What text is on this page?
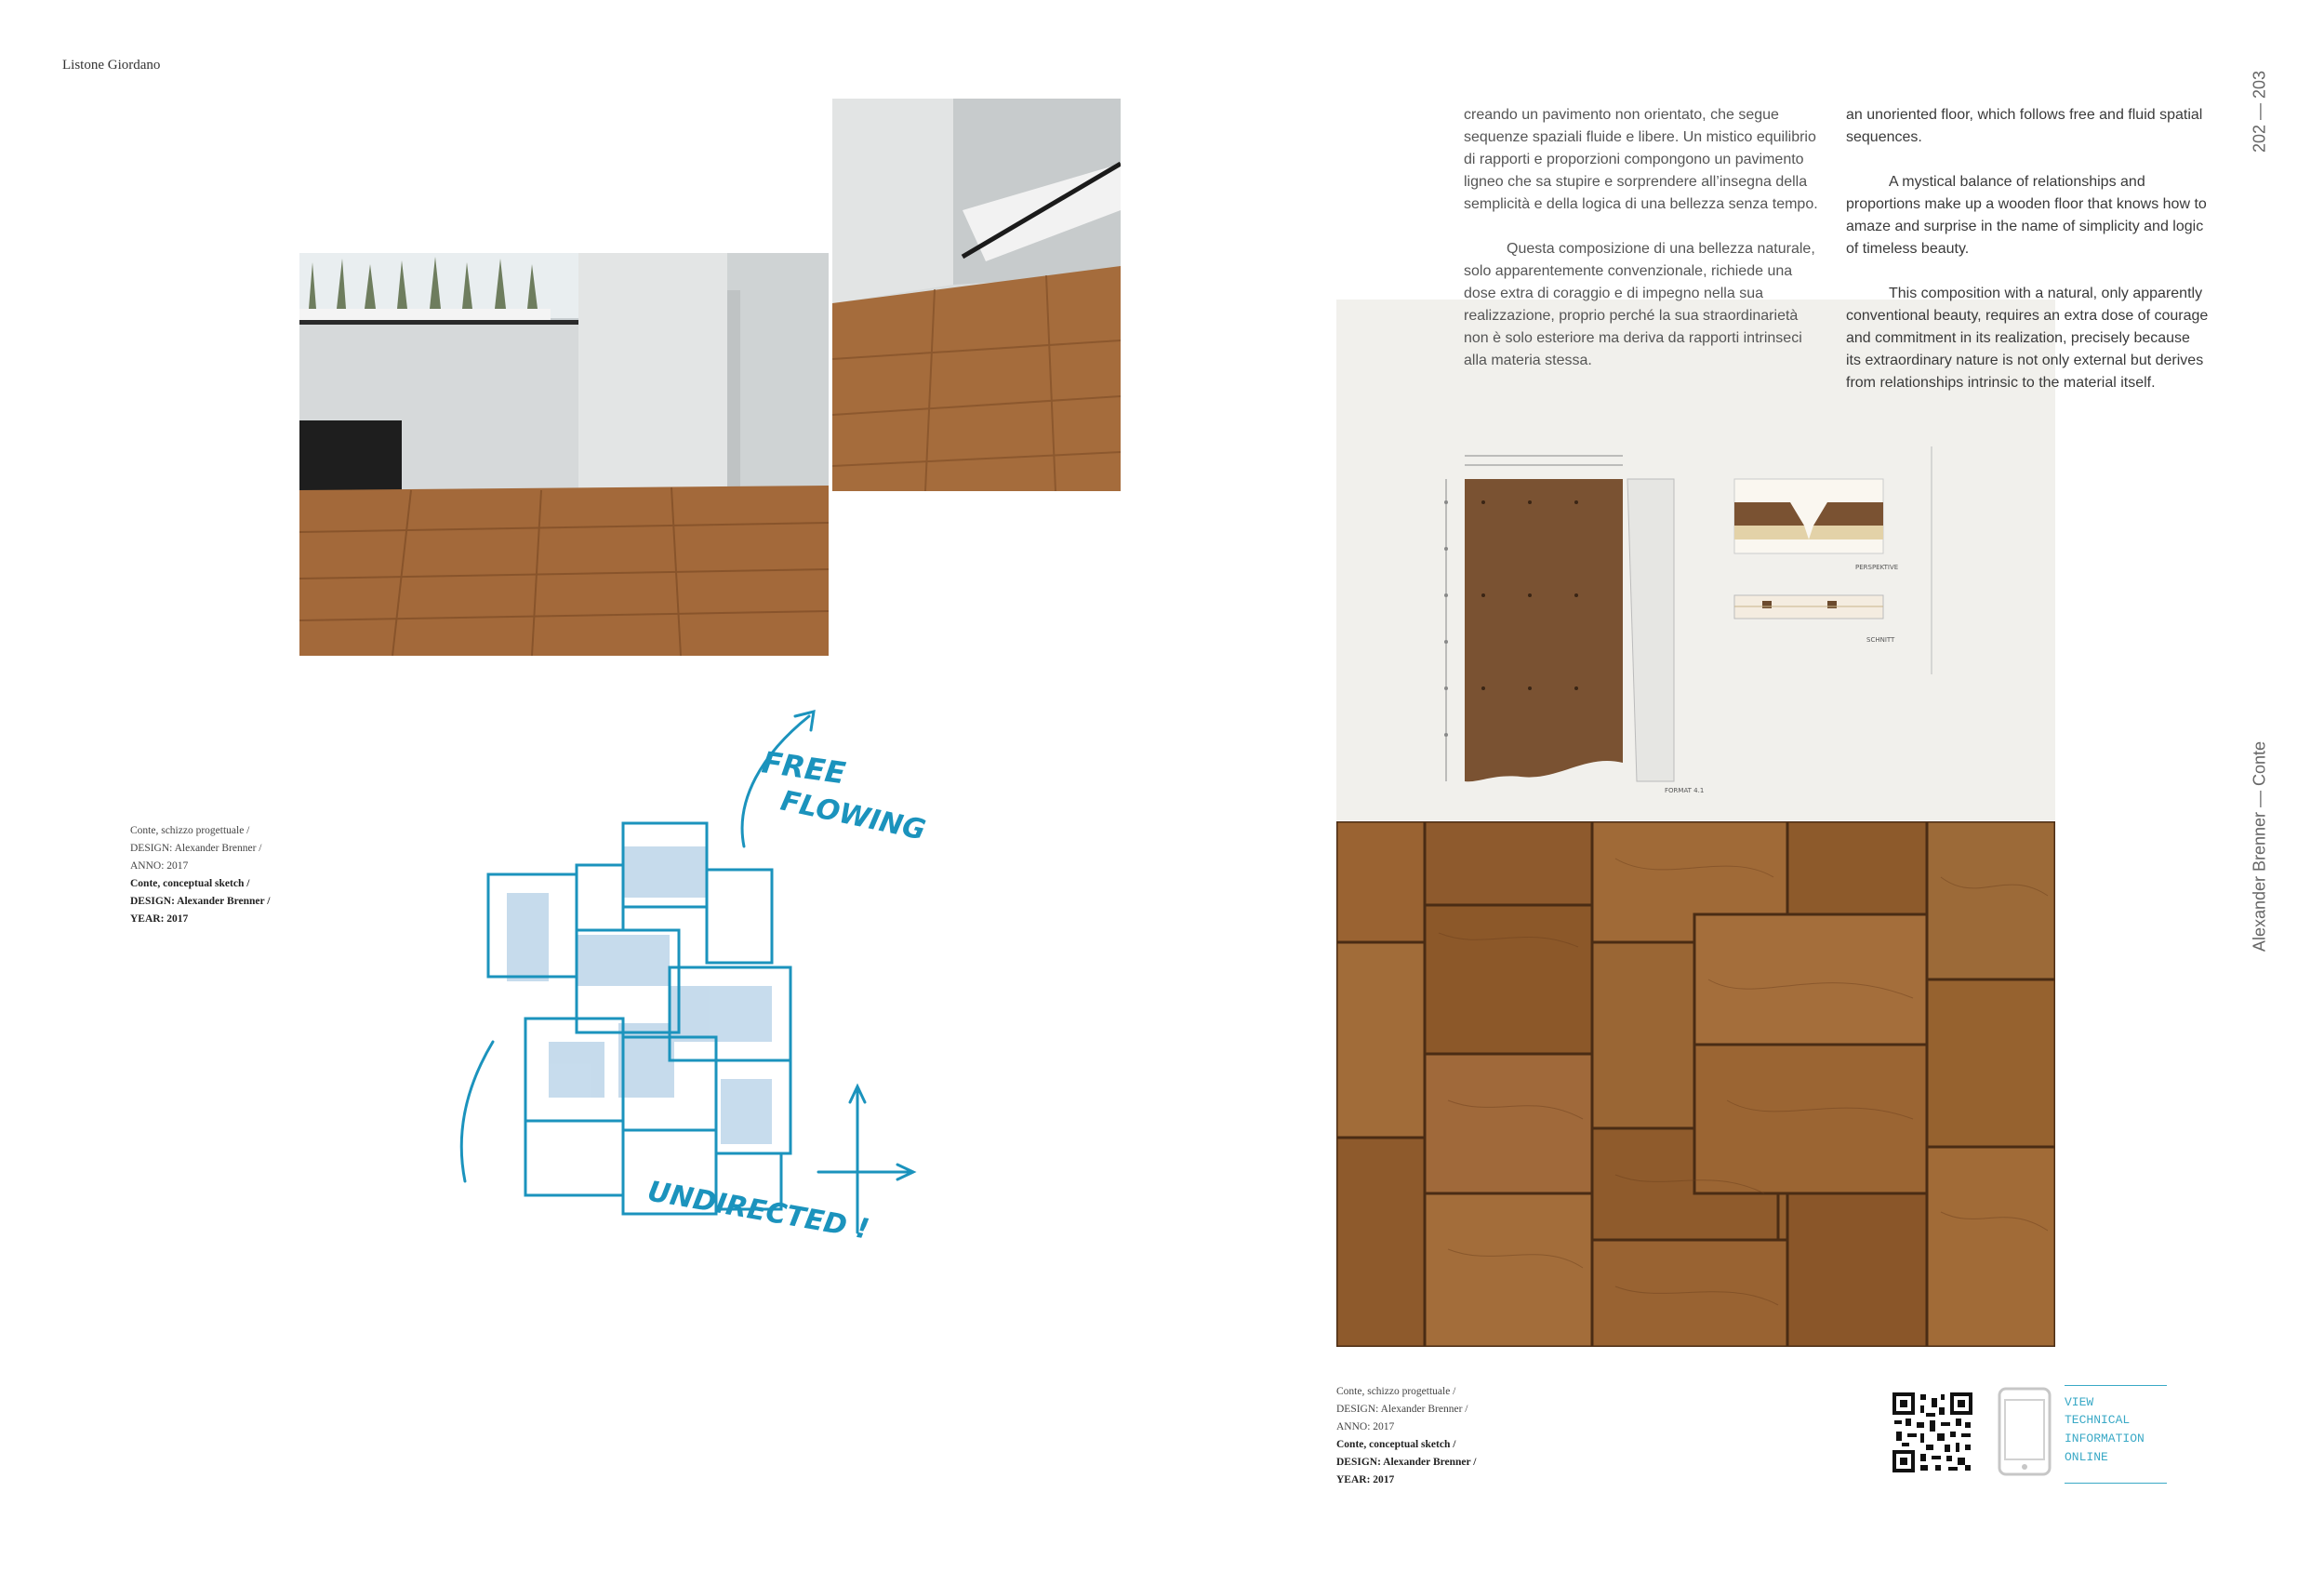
Listone Giordano
202 — 203
Alexander Brenner — Conte
Conte, schizzo progettuale /
DESIGN: Alexander Brenner /
ANNO: 2017
Conte, conceptual sketch /
DESIGN: Alexander Brenner /
YEAR: 2017
FREE
FLOWING
UNDIRECTED !
FORMAT 4.1
PERSPEKTIVE
SCHNITT

creando un pavimento non orientato, che segue sequenze spaziali fluide e libere. Un mistico equilibrio di rapporti e proporzioni compongono un pavimento ligneo che sa stupire e sorprendere all’insegna della semplicità e della logica di una bellezza senza tempo.

Questa composizione di una bellezza naturale, solo apparentemente convenzionale, richiede una dose extra di coraggio e di impegno nella sua realizzazione, proprio perché la sua straordinarietà non è solo esteriore ma deriva da rapporti intrinseci alla materia stessa.

an unoriented floor, which follows free and fluid spatial sequences.

A mystical balance of relationships and proportions make up a wooden floor that knows how to amaze and surprise in the name of simplicity and logic of timeless beauty.

This composition with a natural, only apparently conventional beauty, requires an extra dose of courage and commitment in its realization, precisely because its extraordinary nature is not only external but derives from relationships intrinsic to the material itself.

Conte, schizzo progettuale /
DESIGN: Alexander Brenner /
ANNO: 2017
Conte, conceptual sketch /
DESIGN: Alexander Brenner /
YEAR: 2017
VIEW
TECHNICAL
INFORMATION
ONLINE
